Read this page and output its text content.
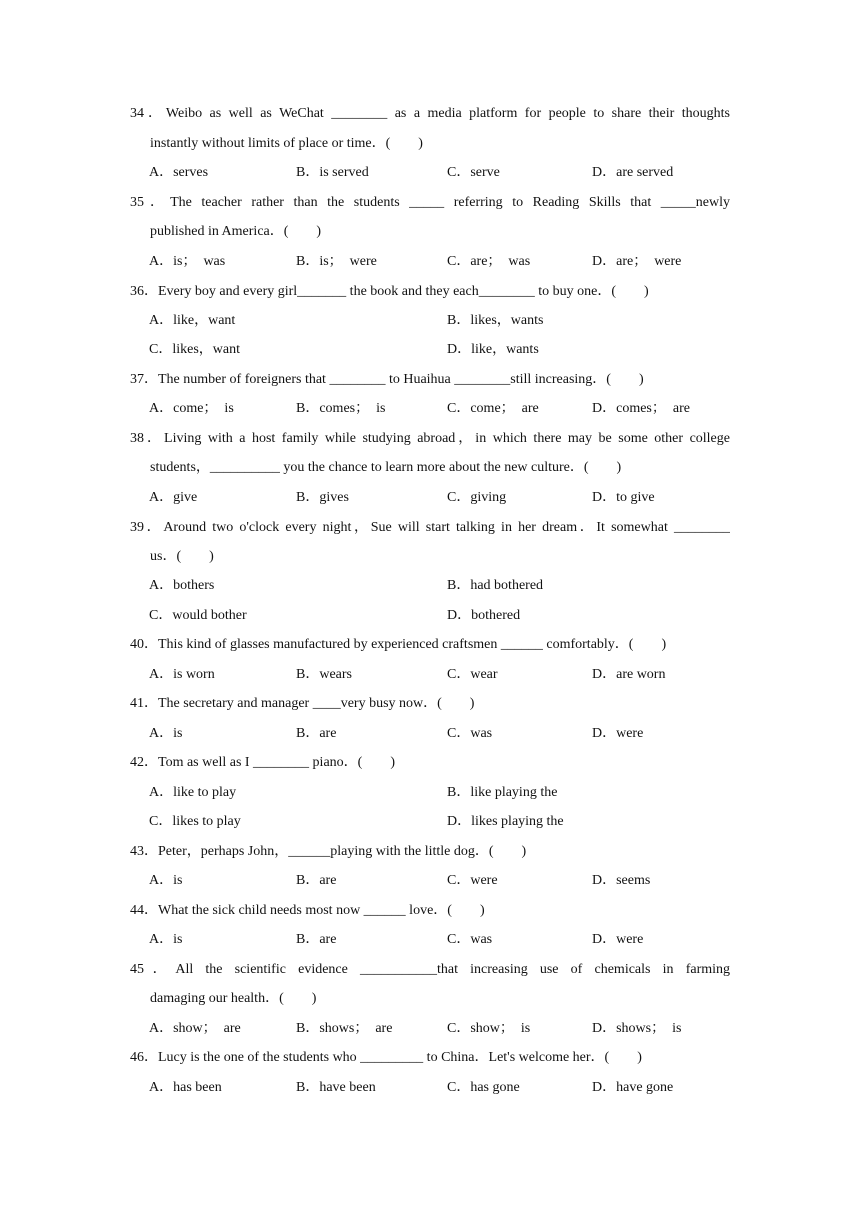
34．Weibo as well as WeChat ________ as a media platform for people to share their thoughts
instantly without limits of place or time．(　　)
A．serves	B．is served	C．serve	D．are served
35．The teacher rather than the students _____ referring to Reading Skills that _____newly
published in America．(　　)
A．is；　was	B．is；　were	C．are；　was	D．are；　were
36．Every boy and every girl_______ the book and they each________ to buy one．(　　)
A．like，want	B．likes，wants
C．likes，want	D．like，wants
37．The number of foreigners that ________ to Huaihua ________still increasing．(　　)
A．come；　is	B．comes；　is	C．come；　are	D．comes；　are
38．Living with a host family while studying abroad，in which there may be some other college
students，__________ you the chance to learn more about the new culture．(　　)
A．give	B．gives	C．giving	D．to give
39．Around two o'clock every night，Sue will start talking in her dream．It somewhat ________
us．(　　)
A．bothers	B．had bothered
C．would bother	D．bothered
40．This kind of glasses manufactured by experienced craftsmen ______ comfortably．(　　)
A．is worn	B．wears	C．wear	D．are worn
41．The secretary and manager ____very busy now．(　　)
A．is	B．are	C．was	D．were
42．Tom as well as I ________ piano．(　　)
A．like to play	B．like playing the
C．likes to play	D．likes playing the
43．Peter，perhaps John，______playing with the little dog．(　　)
A．is	B．are	C．were	D．seems
44．What the sick child needs most now ______ love．(　　)
A．is	B．are	C．was	D．were
45．All the scientific evidence ___________that increasing use of chemicals in farming
damaging our health．(　　)
A．show；　are	B．shows；　are	C．show；　is	D．shows；　is
46．Lucy is the one of the students who _________ to China．Let's welcome her．(　　)
A．has been	B．have been	C．has gone	D．have gone
